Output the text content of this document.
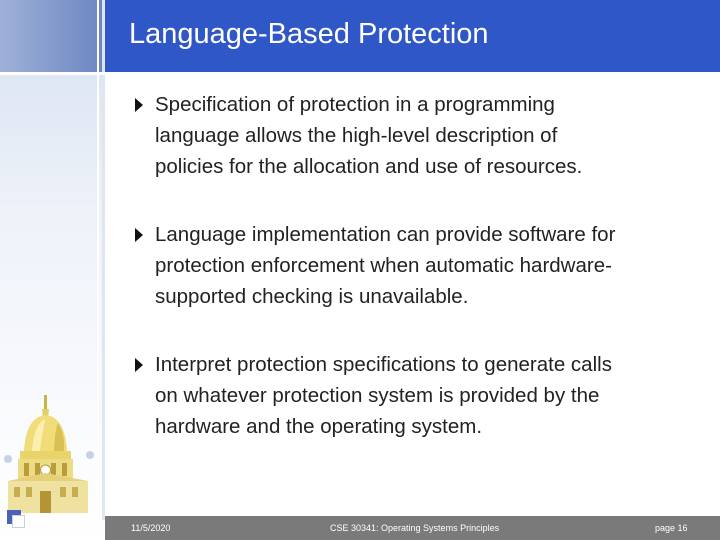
Language-Based Protection
Specification of protection in a programming
language allows the high-level description of
policies for the allocation and use of resources.
Language implementation can provide software for
protection enforcement when automatic hardware-
supported checking is unavailable.
Interpret protection specifications to generate calls
on whatever protection system is provided by the
hardware and the operating system.
11/5/2020	CSE 30341: Operating Systems Principles	page 16
